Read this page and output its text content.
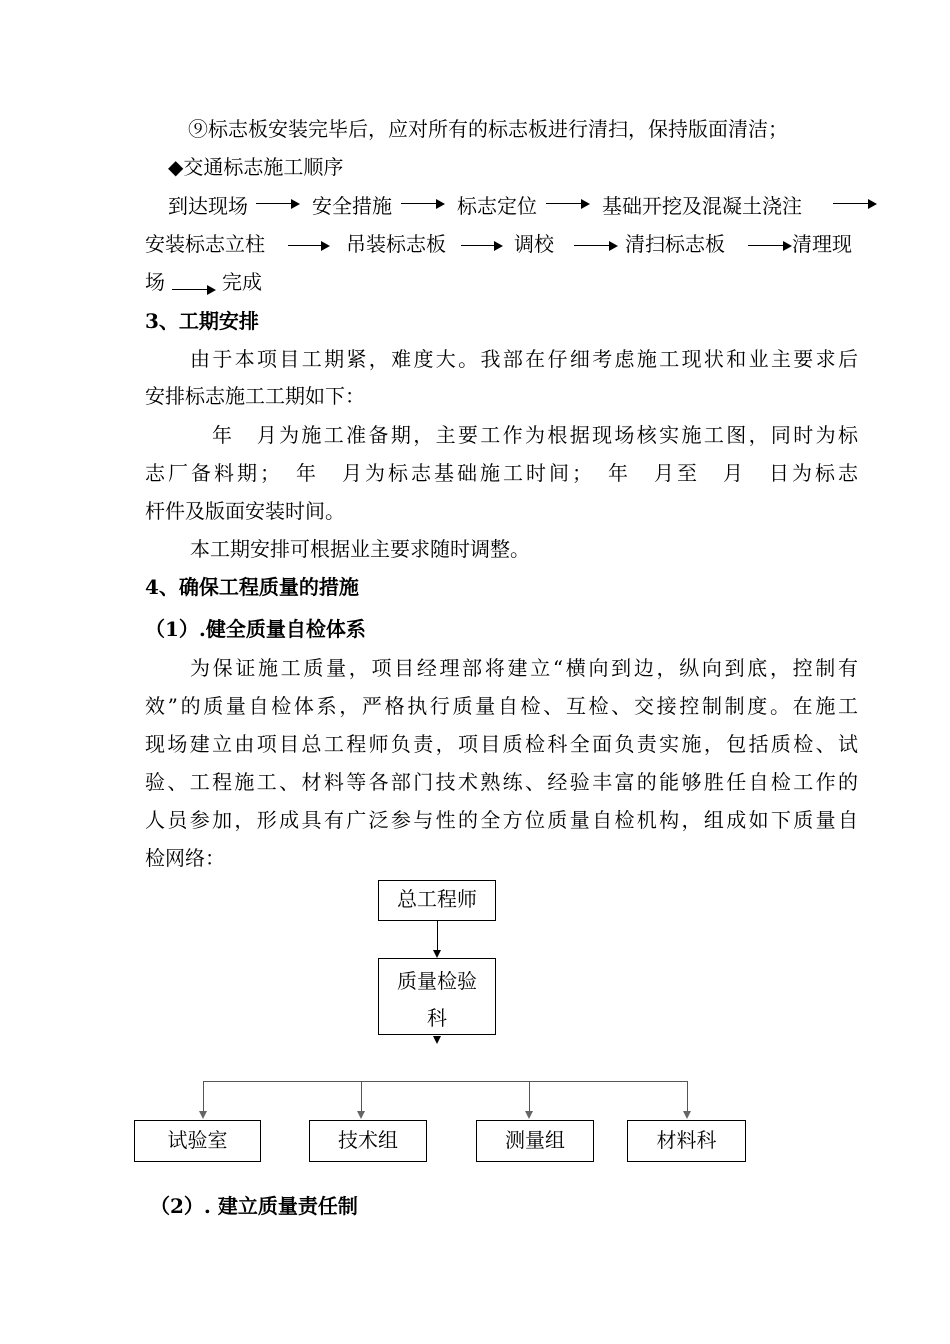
⑨标志板安装完毕后，应对所有的标志板进行清扫，保持版面清洁；
◆交通标志施工顺序
到达现场	安全措施	标志定位	基础开挖及混凝土浇注
安装标志立柱	吊装标志板	调校	清扫标志板	清理现
场	完成
3、工期安排
由于本项目工期紧，难度大。我部在仔细考虑施工现状和业主要求后
安排标志施工工期如下：
年　月为施工准备期，主要工作为根据现场核实施工图，同时为标
志厂备料期；　年　月为标志基础施工时间；　年　月至　月　日为标志
杆件及版面安装时间。
本工期安排可根据业主要求随时调整。
4、确保工程质量的措施
（1）.健全质量自检体系
为保证施工质量，项目经理部将建立“横向到边，纵向到底，控制有
效”的质量自检体系，严格执行质量自检、互检、交接控制制度。在施工
现场建立由项目总工程师负责，项目质检科全面负责实施，包括质检、试
验、工程施工、材料等各部门技术熟练、经验丰富的能够胜任自检工作的
人员参加，形成具有广泛参与性的全方位质量自检机构，组成如下质量自
检网络：
总工程师
质量检验
科
试验室	技术组	测量组	材料科
（2）. 建立质量责任制
